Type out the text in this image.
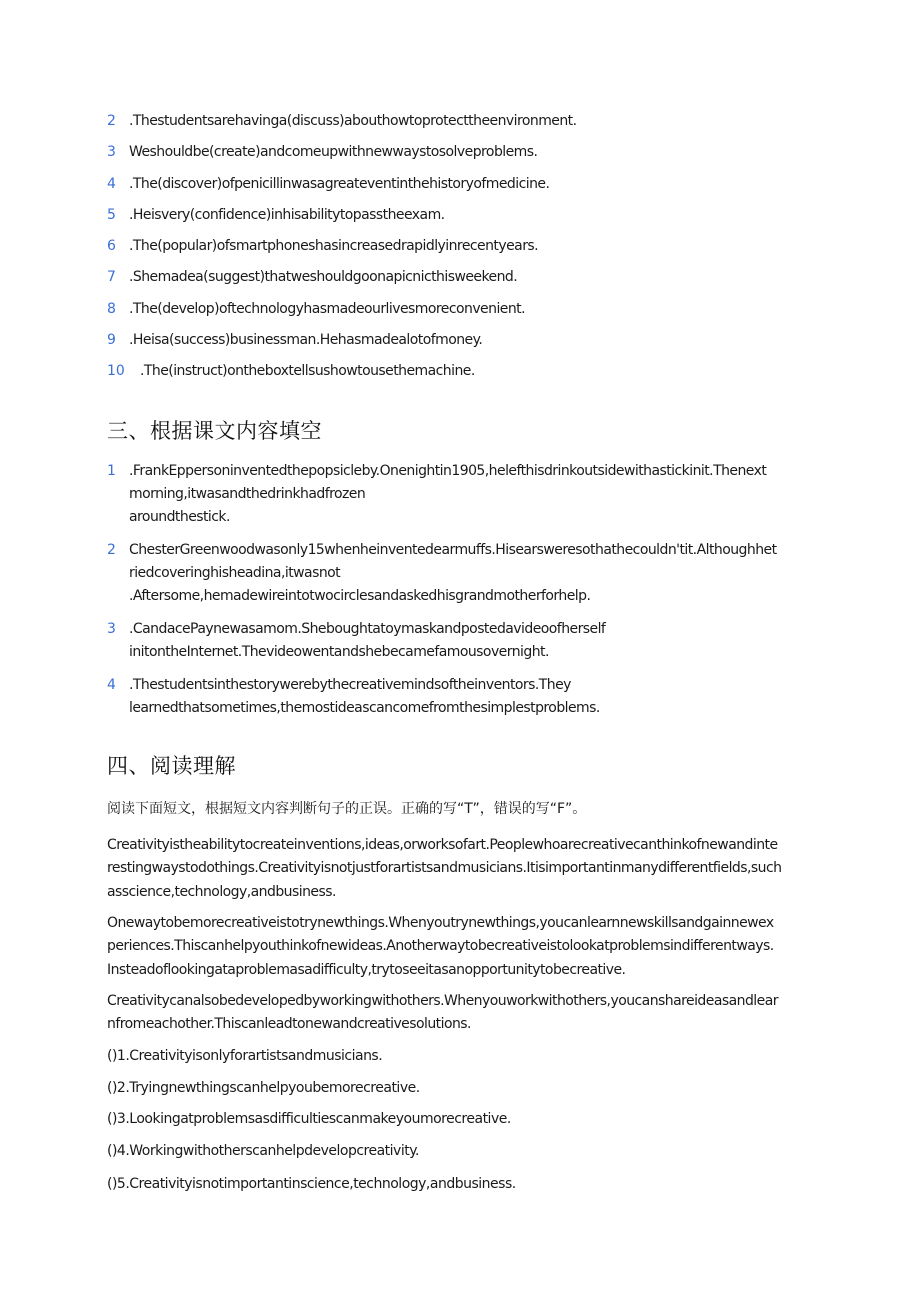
2 .Thestudentsarehavinga(discuss)abouthowtoprotecttheenvironment.
3 Weshouldbe(create)andcomeupwithnewwaystosolveproblems.
4 .The(discover)ofpenicillinwasagreateventinthehistoryofmedicine.
5 .Heisvery(confidence)inhisabilitytopasstheexam.
6 .The(popular)ofsmartphoneshasincreasedrapidlyinrecentyears.
7 .Shemadea(suggest)thatweshouldgoonapicnicthisweekend.
8 .The(develop)oftechnologyhasmadeourlivesmoreconvenient.
9 .Heisa(success)businessman.Hehasmadealotofmoney.
10	.The(instruct)ontheboxtellsushowtousethemachine.
三、根据课文内容填空
1 .FrankEppersoninventedthepopsicleby.Onenightin1905,helefthisdrinkoutsidewithastickinit.Thenext
morning,itwasandthedrinkhadfrozen
aroundthestick.
2 ChesterGreenwoodwasonly15whenheinventedearmuffs.Hisearsweresothathecouldn'tit.Althoughhet
riedcoveringhisheadina,itwasnot
.Aftersome,hemadewireintotwocirclesandaskedhisgrandmotherforhelp.
3 .CandacePaynewasamom.Sheboughtatoymaskandpostedavideoofherself
initontheInternet.Thevideowentandshebecamefamousovernight.
4 .Thestudentsinthestorywerebythecreativemindsoftheinventors.They
learnedthatsometimes,themostideascancomefromthesimplestproblems.
四、阅读理解
阅读下面短文，根据短文内容判断句子的正误。正确的写“T”，错误的写“F”。
Creativityistheabilitytocreateinventions,ideas,orworksofart.Peoplewhoarecreativecanthinkofnewandinte
restingwaystodothings.Creativityisnotjustforartistsandmusicians.Itisimportantinmanydifferentfields,such
asscience,technology,andbusiness.
Onewaytobemorecreativeistotrynewthings.Whenyoutrynewthings,youcanlearnnewskillsandgainnewex
periences.Thiscanhelpyouthinkofnewideas.Anotherwaytobecreativeistolookatproblemsindifferentways.
Insteadoflookingataproblemasadifficulty,trytoseeitasanopportunitytobecreative.
Creativitycanalsobedevelopedbyworkingwithothers.Whenyouworkwithothers,youcanshareideasandlear
nfromeachother.Thiscanleadtonewandcreativesolutions.
()1.Creativityisonlyforartistsandmusicians.
()2.Tryingnewthingscanhelpyoubemorecreative.
()3.Lookingatproblemsasdifficultiescanmakeyoumorecreative.
()4.Workingwithotherscanhelpdevelopcreativity.
()5.Creativityisnotimportantinscience,technology,andbusiness.
